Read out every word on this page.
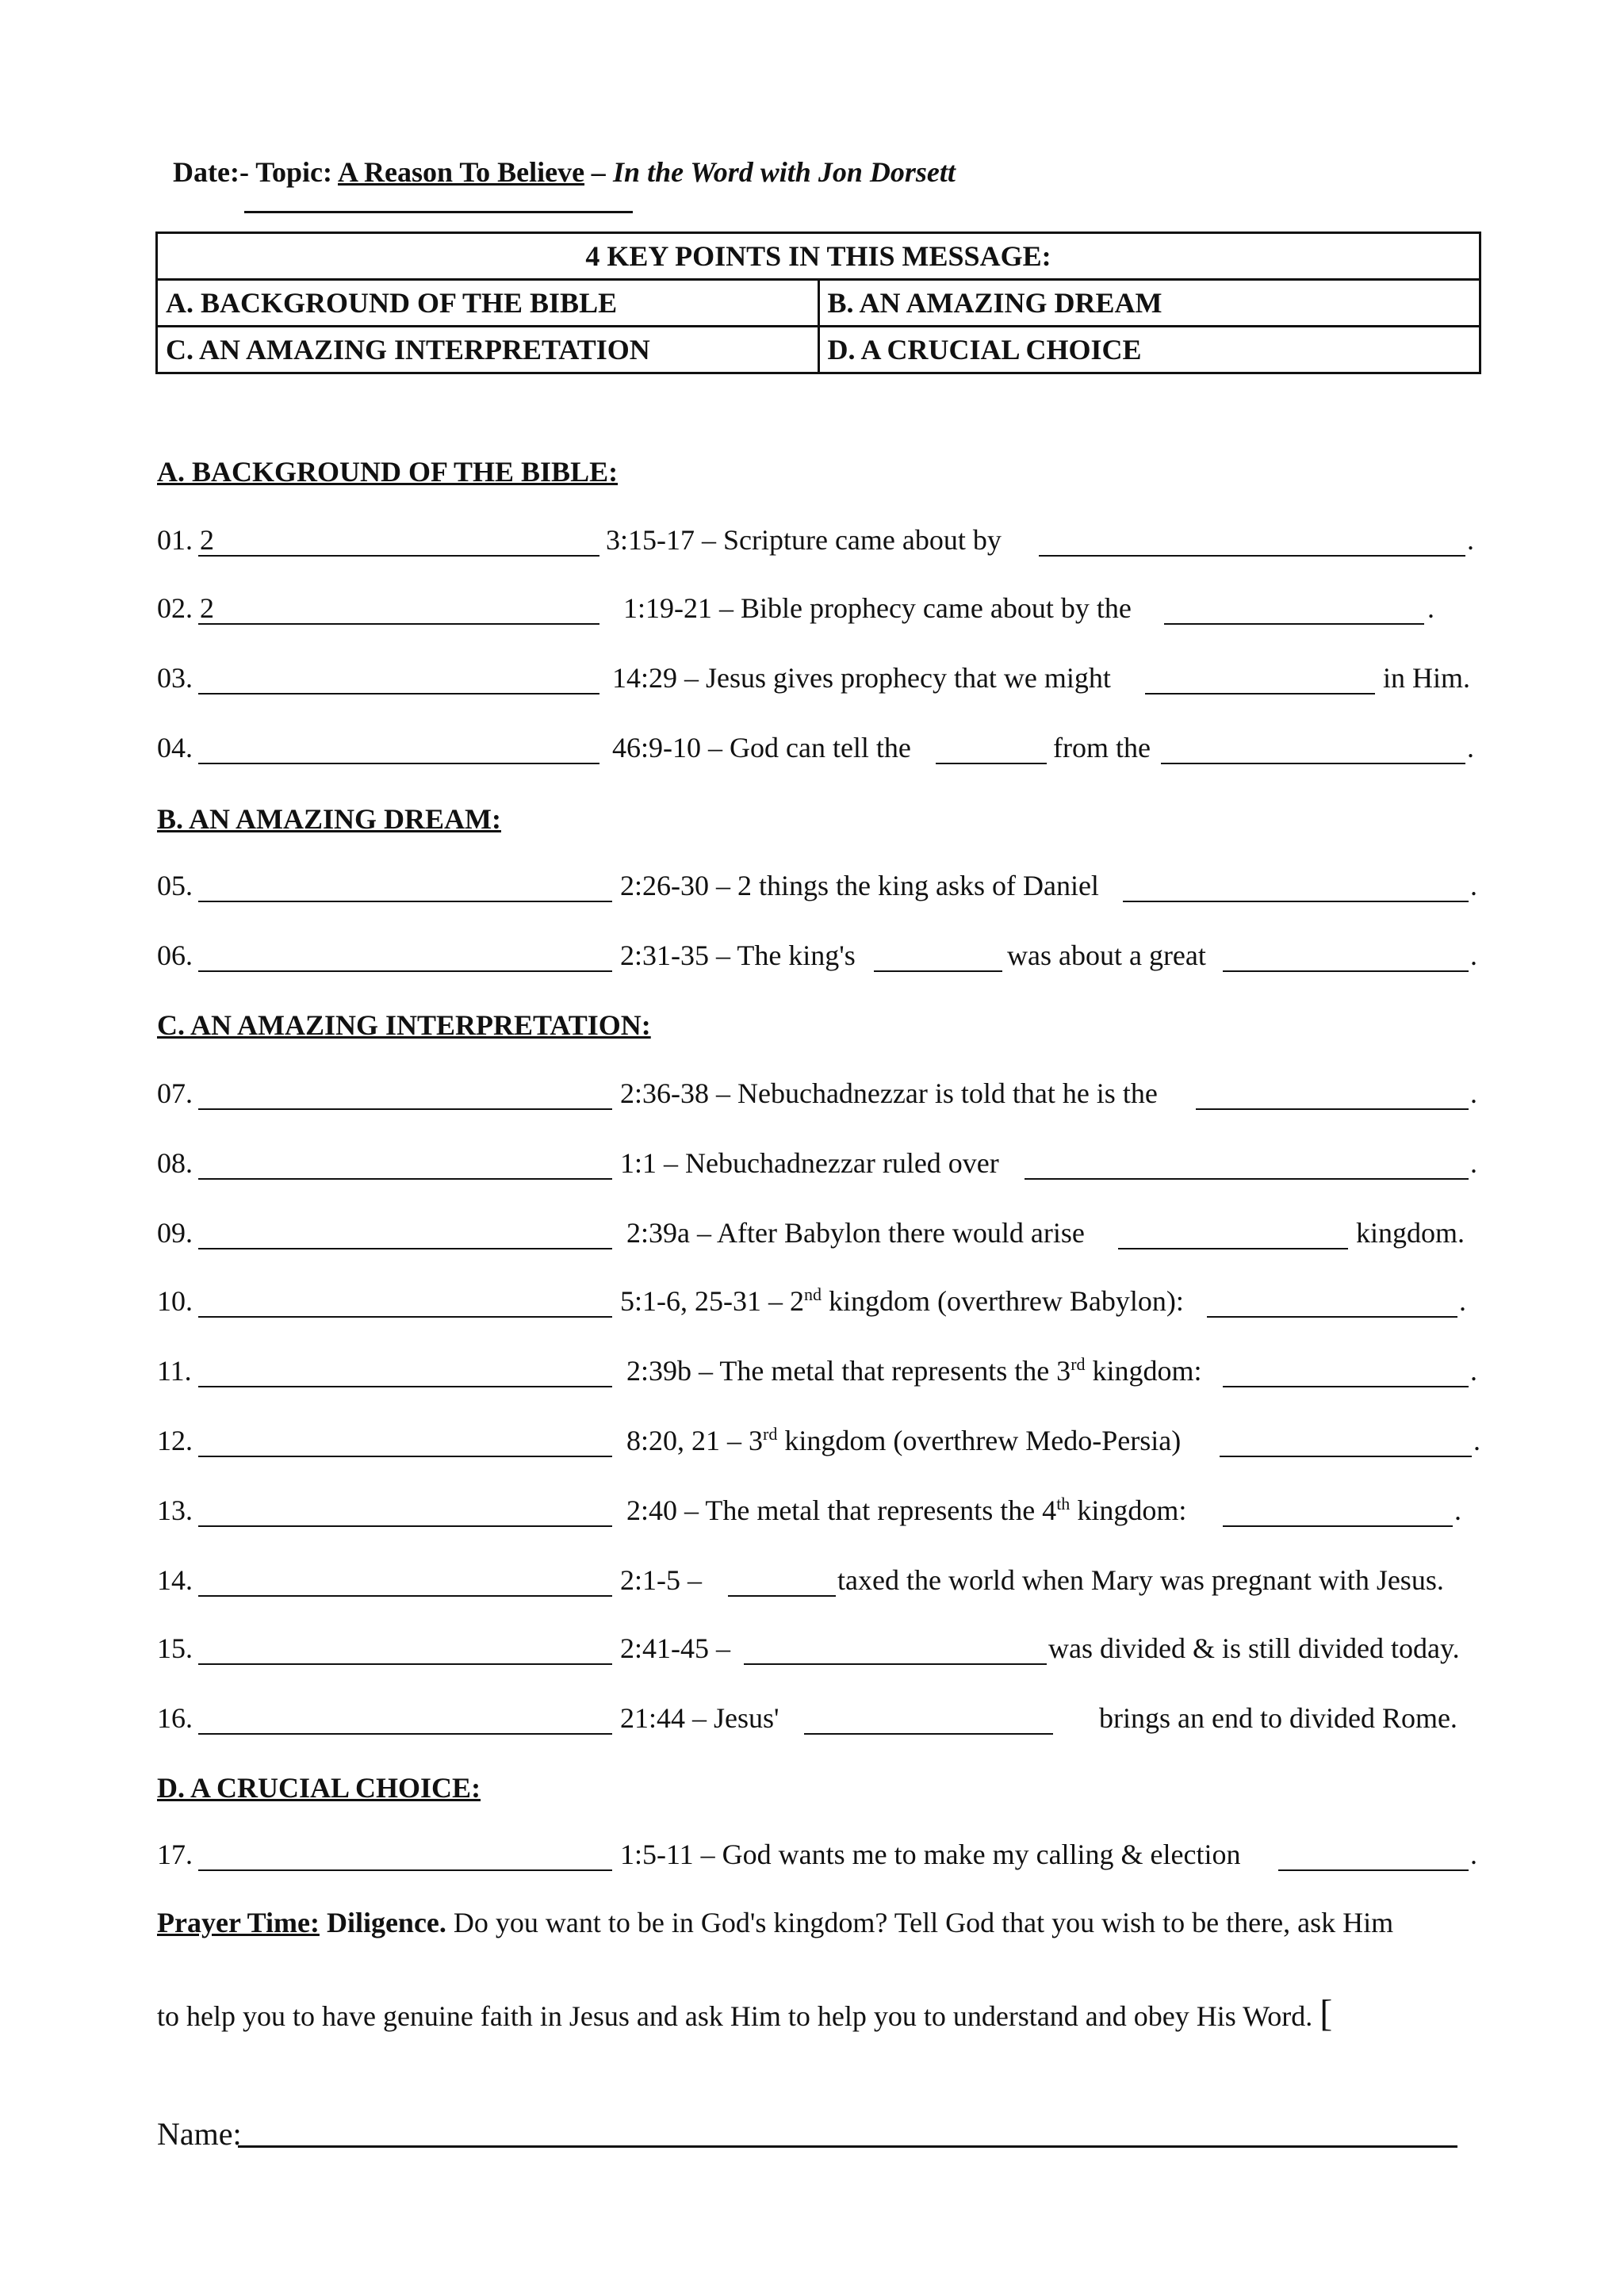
Date:
- Topic: A Reason To Believe – In the Word with Jon Dorsett
4 KEY POINTS IN THIS MESSAGE:	
A. BACKGROUND OF THE BIBLE	B. AN AMAZING DREAM
C. AN AMAZING INTERPRETATION	D. A CRUCIAL CHOICE
A. BACKGROUND OF THE BIBLE:
01. 2	3:15-17 – Scripture came about by	.
02. 2	1:19-21 – Bible prophecy came about by the	.
03.	14:29 – Jesus gives prophecy that we might	in Him.
04.	46:9-10 – God can tell the	from the	.
B. AN AMAZING DREAM:
05.	2:26-30 – 2 things the king asks of Daniel	.
06.	2:31-35 – The king's	was about a great	.
C. AN AMAZING INTERPRETATION:
07.	2:36-38 – Nebuchadnezzar is told that he is the	.
08.	1:1 – Nebuchadnezzar ruled over	.
09.	2:39a – After Babylon there would arise	kingdom.
10.	5:1-6, 25-31 – 2nd kingdom (overthrew Babylon):	.
11.	2:39b – The metal that represents the 3rd kingdom:	.
12.	8:20, 21 – 3rd kingdom (overthrew Medo-Persia)	.
13.	2:40 – The metal that represents the 4th kingdom:	.
14.	2:1-5 –	taxed the world when Mary was pregnant with Jesus.
15.	2:41-45 –	was divided & is still divided today.
16.	21:44 – Jesus'	brings an end to divided Rome.
D. A CRUCIAL CHOICE:
17.	1:5-11 – God wants me to make my calling & election	.
Prayer Time: Diligence. Do you want to be in God's kingdom? Tell God that you wish to be there, ask Him
to help you to have genuine faith in Jesus and ask Him to help you to understand and obey His Word. [
Name:
